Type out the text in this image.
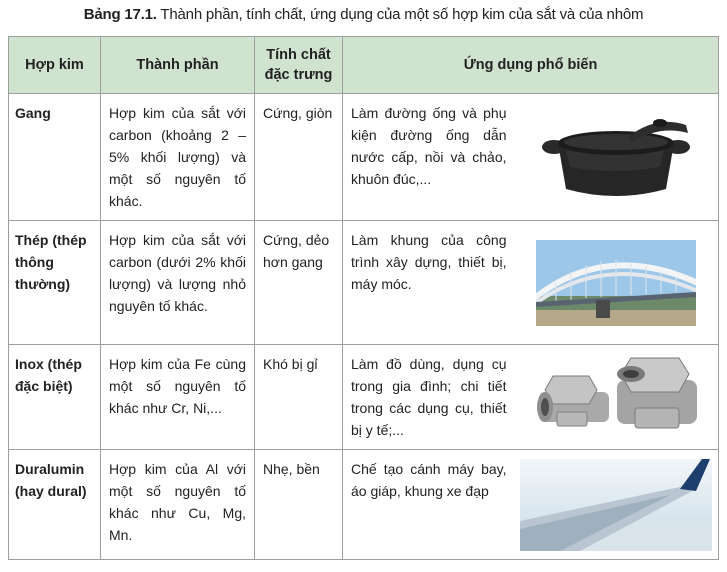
Bảng 17.1. Thành phần, tính chất, ứng dụng của một số hợp kim của sắt và của nhôm
Hợp kim	Thành phần	Tính chất đặc trưng	Ứng dụng phổ biến	
Gang	Hợp kim của sắt với carbon (khoảng 2 – 5% khối lượng) và một số nguyên tố khác.	Cứng, giòn	Làm đường ống và phụ kiện đường ống dẫn nước cấp, nồi và chảo, khuôn đúc,...	

Thép (thép thông thường)	Hợp kim của sắt với carbon (dưới 2% khối lượng) và lượng nhỏ nguyên tố khác.	Cứng, dẻo hơn gang	Làm khung của công trình xây dựng, thiết bị, máy móc.	

Inox (thép đặc biệt)	Hợp kim của Fe cùng một số nguyên tố khác như Cr, Ni,...	Khó bị gỉ	Làm đồ dùng, dụng cụ trong gia đình; chi tiết trong các dụng cụ, thiết bị y tế;...	

Duralumin (hay dural)	Hợp kim của Al với một số nguyên tố khác như Cu, Mg, Mn.	Nhẹ, bền	Chế tạo cánh máy bay, áo giáp, khung xe đạp	
